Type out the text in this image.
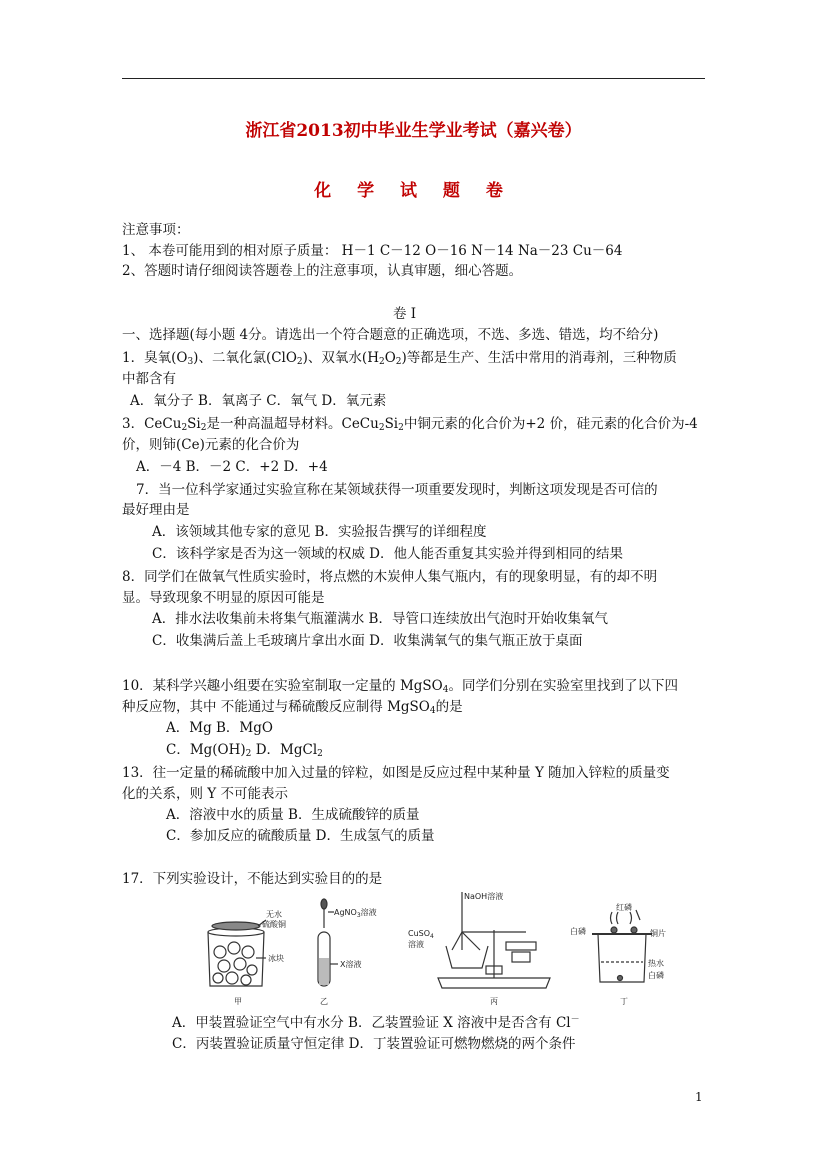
浙江省2013初中毕业生学业考试（嘉兴卷）
化 学 试 题 卷
注意事项：
1、 本卷可能用到的相对原子质量： H－1 C－12 O－16 N－14 Na－23 Cu－64
2、答题时请仔细阅读答题卷上的注意事项，认真审题，细心答题。
卷 Ⅰ
一、选择题(每小题 4分。请选出一个符合题意的正确选项，不选、多选、错选，均不给分)
1．臭氧$(O_3)$、二氧化氯(ClO$_2$)、双氧水$(H_2O_2)$等都是生产、生活中常用的消毒剂，三种物质
中都含有
A．氧分子 B．氧离子 C．氧气 D．氧元素
3．$CeCu_2Si_2$是一种高温超导材料。$CeCu_2Si_2$中铜元素的化合价为+2 价，硅元素的化合价为-4
价，则铈(Ce)元素的化合价为
A．－4 B．－2 C．+2 D．+4
7．当一位科学家通过实验宣称在某领域获得一项重要发现时，判断这项发现是否可信的
最好理由是
A．该领域其他专家的意见 B．实验报告撰写的详细程度
C．该科学家是否为这一领域的权威 D．他人能否重复其实验并得到相同的结果
8．同学们在做氧气性质实验时，将点燃的木炭伸人集气瓶内，有的现象明显，有的却不明
显。导致现象不明显的原因可能是
A．排水法收集前未将集气瓶灌满水 B．导管口连续放出气泡时开始收集氧气
C．收集满后盖上毛玻璃片拿出水面 D．收集满氧气的集气瓶正放于桌面
10．某科学兴趣小组要在实验室制取一定量的 MgSO$_4$。同学们分别在实验室里找到了以下四
种反应物，其中 不能通过与稀硫酸反应制得 MgSO$_4$的是
A．Mg B．MgO
C．$Mg(OH)_2$ D．MgCl$_2$
13．往一定量的稀硫酸中加入过量的锌粒，如图是反应过程中某种量 Y 随加入锌粒的质量变
化的关系，则 Y 不可能表示
A．溶液中水的质量 B．生成硫酸锌的质量
C．参加反应的硫酸质量 D．生成氢气的质量
17．下列实验设计，不能达到实验目的的是
无水
硫酸铜
冰块
甲
AgNO$_3$溶液
X溶液
乙
NaOH溶液
CuSO$_4$
溶液
丙
红磷
白磷	铜片
热水
白磷
丁
A．甲装置验证空气中有水分 B．乙装置验证 X 溶液中是否含有 Cl－
C．丙装置验证质量守恒定律 D．丁装置验证可燃物燃烧的两个条件
1
